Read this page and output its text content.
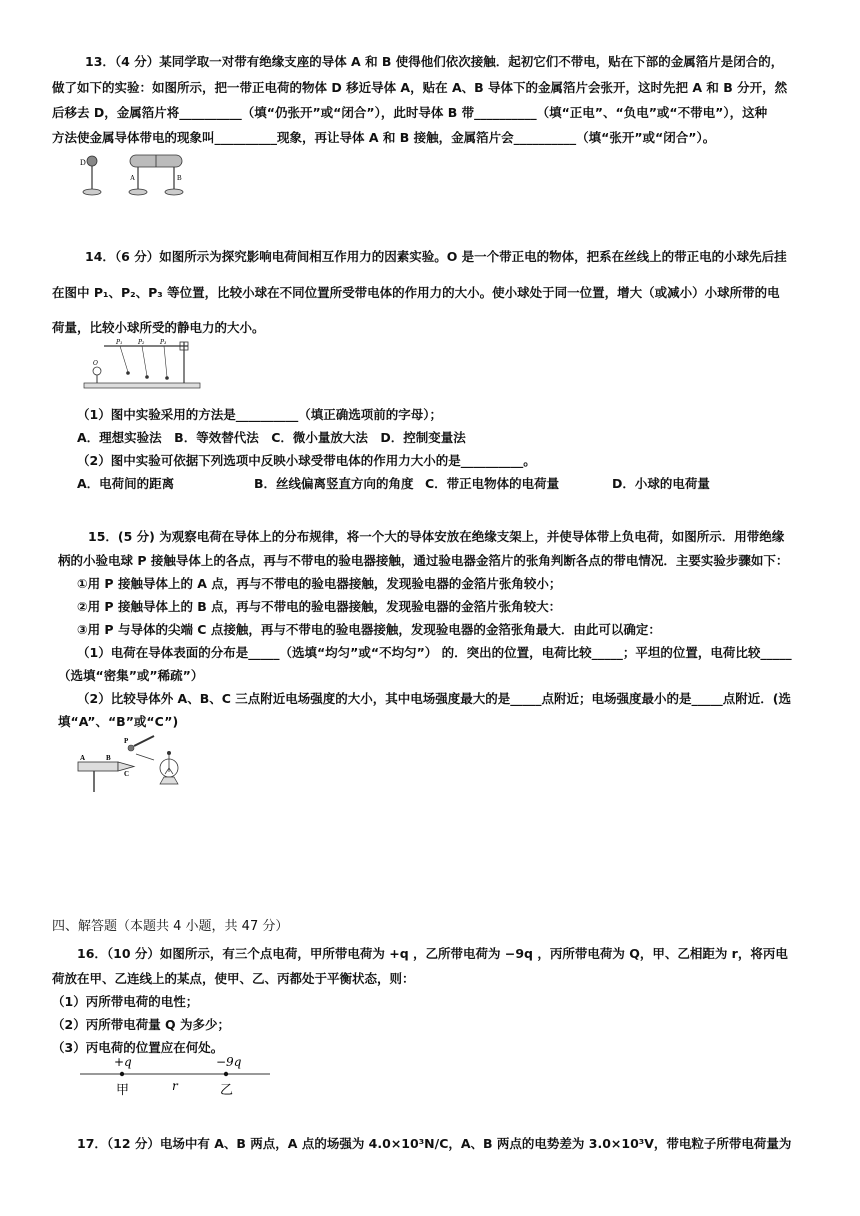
13．（4 分）某同学取一对带有绝缘支座的导体 A 和 B 使得他们依次接触．起初它们不带电，贴在下部的金属箔片是闭合的，
做了如下的实验：如图所示，把一带正电荷的物体 D 移近导体 A，贴在 A、B 导体下的金属箔片会张开，这时先把 A 和 B 分开，然
后移去 D，金属箔片将__________（填“仍张开”或“闭合”），此时导体 B 带__________（填“正电”、“负电”或“不带电”），这种
方法使金属导体带电的现象叫__________现象，再让导体 A 和 B 接触，金属箔片会__________（填“张开”或“闭合”）。
D
A	B
14．（6 分）如图所示为探究影响电荷间相互作用力的因素实验。O 是一个带正电的物体，把系在丝线上的带正电的小球先后挂
在图中 P₁、P₂、P₃ 等位置，比较小球在不同位置所受带电体的作用力的大小。使小球处于同一位置，增大（或减小）小球所带的电
荷量，比较小球所受的静电力的大小。
P₁	P₂	P₃
O
（1）图中实验采用的方法是__________（填正确选项前的字母）；
A．理想实验法　B．等效替代法　C．微小量放大法　D．控制变量法
（2）图中实验可依据下列选项中反映小球受带电体的作用力大小的是__________。
A．电荷间的距离	B．丝线偏离竖直方向的角度 C．带正电物体的电荷量	D．小球的电荷量
15．(5 分) 为观察电荷在导体上的分布规律，将一个大的导体安放在绝缘支架上，并使导体带上负电荷，如图所示．用带绝缘
柄的小验电球 P 接触导体上的各点，再与不带电的验电器接触，通过验电器金箔片的张角判断各点的带电情况．主要实验步骤如下：
①用 P 接触导体上的 A 点，再与不带电的验电器接触，发现验电器的金箔片张角较小；
②用 P 接触导体上的 B 点，再与不带电的验电器接触，发现验电器的金箔片张角较大：
③用 P 与导体的尖端 C 点接触，再与不带电的验电器接触，发现验电器的金箔张角最大．由此可以确定：
（1）电荷在导体表面的分布是_____（选填“均匀”或“不均匀”） 的．突出的位置，电荷比较_____；平坦的位置，电荷比较_____
（选填“密集”或”稀疏”）
（2）比较导体外 A、B、C 三点附近电场强度的大小，其中电场强度最大的是_____点附近；电场强度最小的是_____点附近．(选
填“A”、“B”或“C”)
A	B
C
P
四、解答题（本题共 4 小题，共 47 分）
16．（10 分）如图所示，有三个点电荷，甲所带电荷为 +q ，乙所带电荷为 −9q ，丙所带电荷为 Q，甲、乙相距为 r，将丙电
荷放在甲、乙连线上的某点，使甲、乙、丙都处于平衡状态，则：
（1）丙所带电荷的电性；
（2）丙所带电荷量 Q 为多少；
（3）丙电荷的位置应在何处。
+q	−9q
甲	乙
r
17．（12 分）电场中有 A、B 两点，A 点的场强为 4.0×10³N/C，A、B 两点的电势差为 3.0×10³V，带电粒子所带电荷量为
